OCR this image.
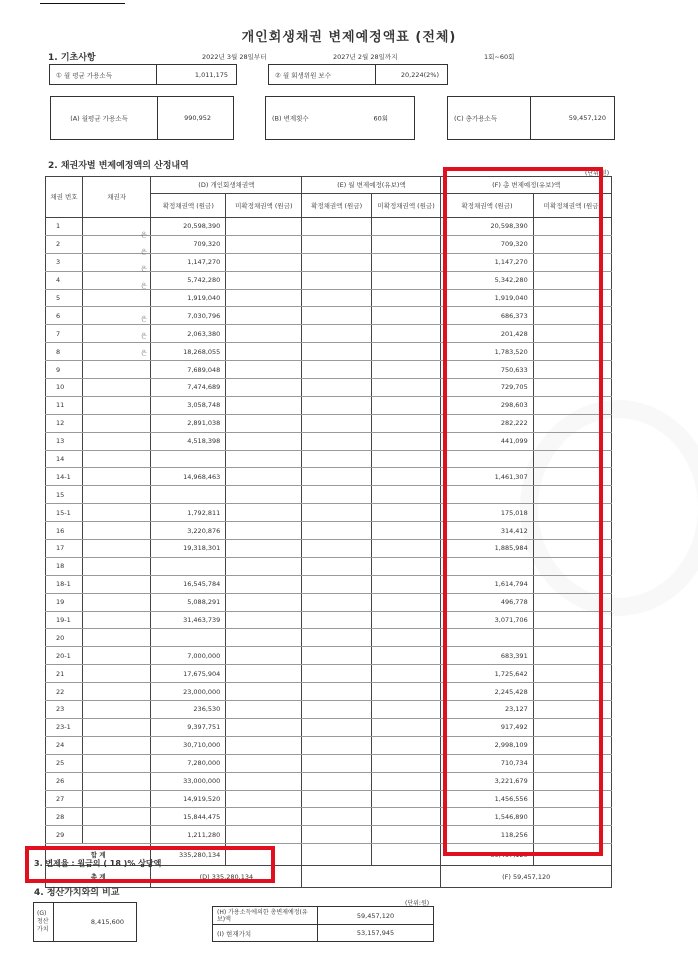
개인회생채권 변제예정액표 (전체)
1. 기초사항	2022년 3월 28일부터	2027년 2월 28일까지	1회~60회
① 월 평균 가용소득	1,011,175	② 월 회생위원 보수	20,224(2%)
(A) 월평균 가용소득	990,952	(B) 변제횟수	60회	(C) 총가용소득	59,457,120
2. 채권자별 변제예정액의 산정내역
(단위:원)
채권 번호	채권자	(D) 개인회생채권액		(E) 월 변제예정(유보)액		(F) 총 변제예정(유보)액	
		확정채권액 (원금)	미확정채권액 (원금)	확정채권액 (원금)	미확정채권액 (원금)	확정채권액 (원금)	미확정채권액 (원금)
1		20,598,390				20,598,390	
2		709,320				709,320	
3		1,147,270				1,147,270	
4		5,742,280				5,342,280	
5		1,919,040				1,919,040	
6		7,030,796				686,373	
7		2,063,380				201,428	
8		18,268,055				1,783,520	
9		7,689,048				750,633	
10		7,474,689				729,705	
11		3,058,748				298,603	
12		2,891,038				282,222	
13		4,518,398				441,099	
14							
14-1		14,968,463				1,461,307	
15							
15-1		1,792,811				175,018	
16		3,220,876				314,412	
17		19,318,301				1,885,984	
18							
18-1		16,545,784				1,614,794	
19		5,088,291				496,778	
19-1		31,463,739				3,071,706	
20							
20-1		7,000,000				683,391	
21		17,675,904				1,725,642	
22		23,000,000				2,245,428	
23		236,530				23,127	
23-1		9,397,751				917,492	
24		30,710,000				2,998,109	
25		7,280,000				710,734	
26		33,000,000				3,221,679	
27		14,919,520				1,456,556	
28		15,844,475				1,546,890	
29		1,211,280				118,256	
합 계		335,280,134				59,457,120	
총 계		(D) 335,280,134				(F) 59,457,120	
은
은
은
은
은
은
은
3. 변제율 : 원금의 ( 18 )% 상당액
4. 청산가치와의 비교
(단위:원)
(G) 청산 가치
8,415,600
(H) 가용소득에의한 총변제예정(유보)액	59,457,120
(I) 현재가치	53,157,945
